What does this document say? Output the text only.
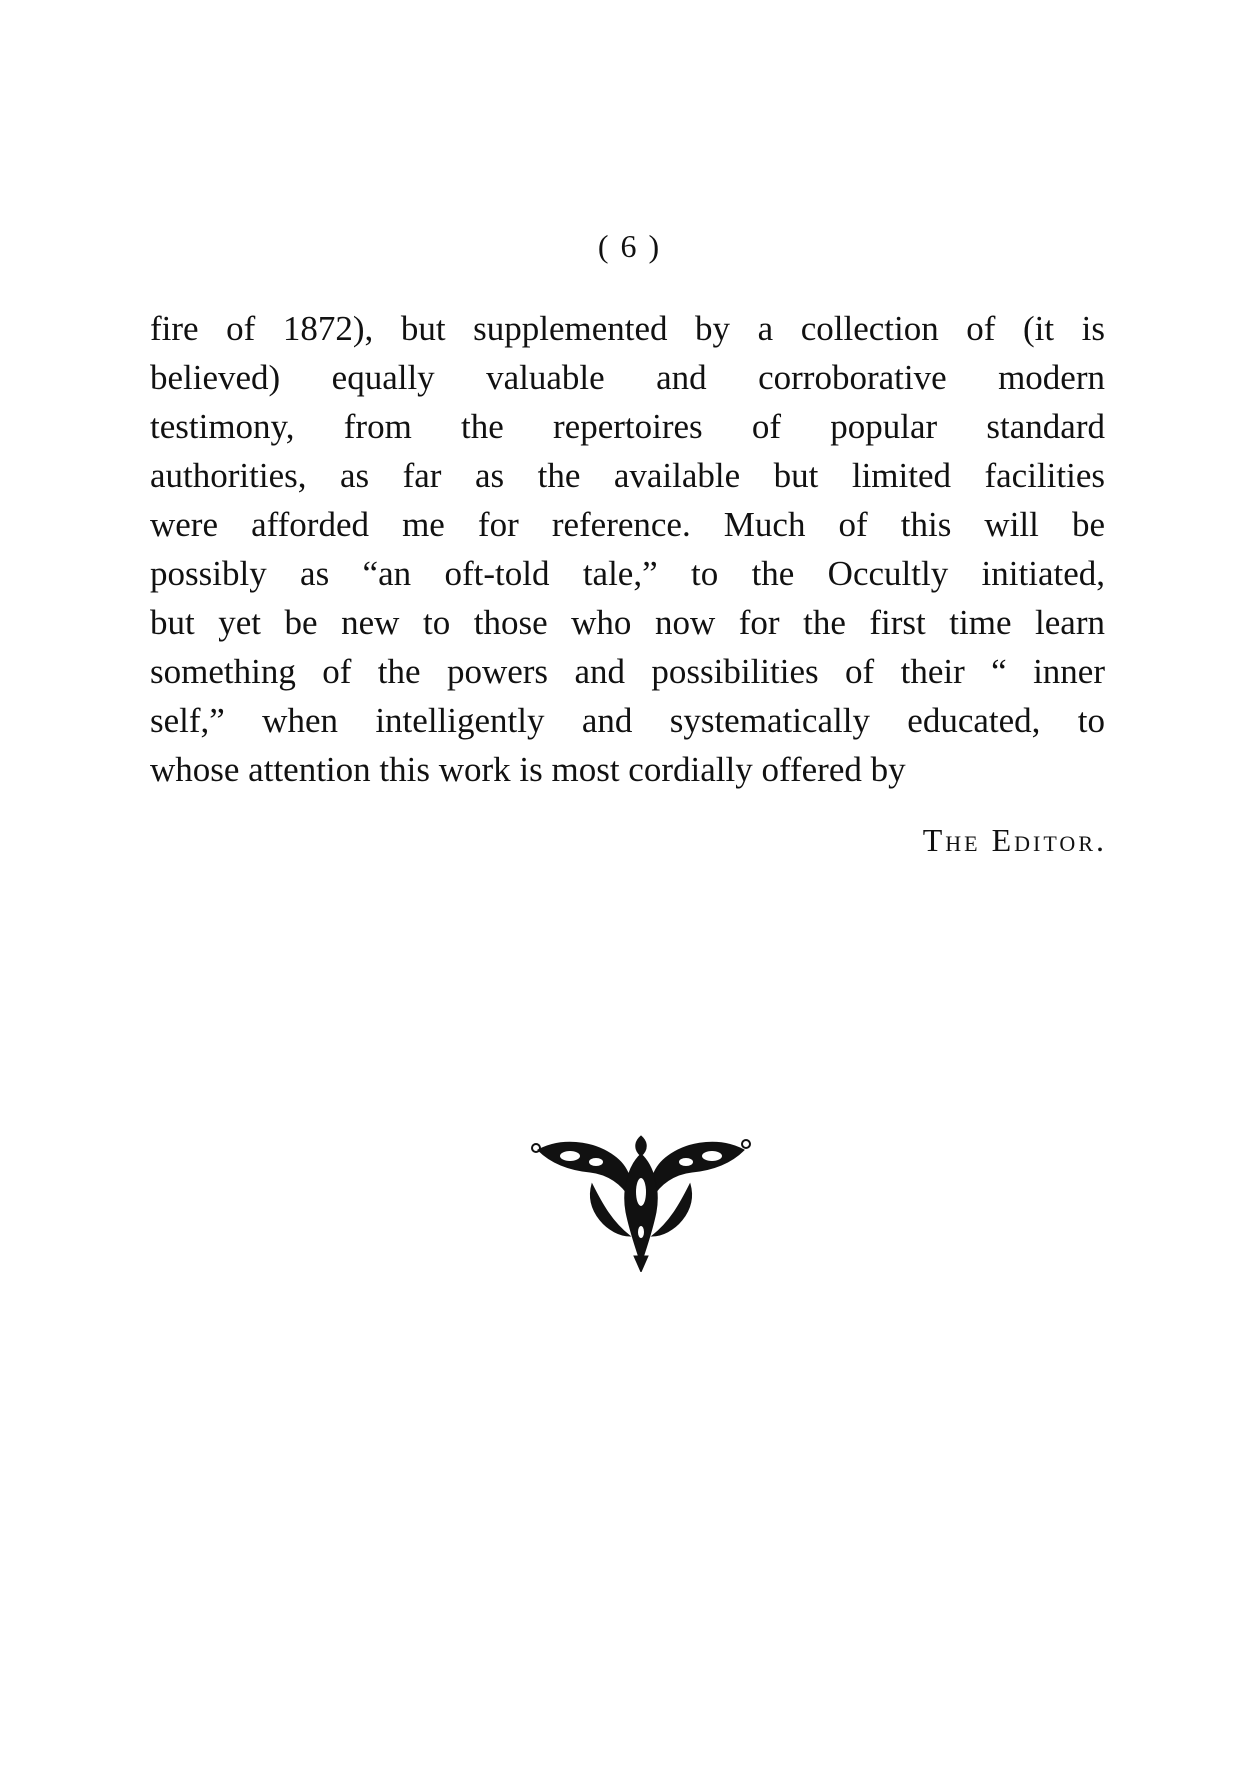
( 6 )
fire of 1872), but supplemented by a collection of (it is
believed) equally valuable and corroborative modern
testimony, from the repertoires of popular standard
authorities, as far as the available but limited facilities
were afforded me for reference. Much of this will be
possibly as “an oft-told tale,” to the Occultly initiated,
but yet be new to those who now for the first time learn
something of the powers and possibilities of their “ inner
self,” when intelligently and systematically educated, to
whose attention this work is most cordially offered by
The Editor.
